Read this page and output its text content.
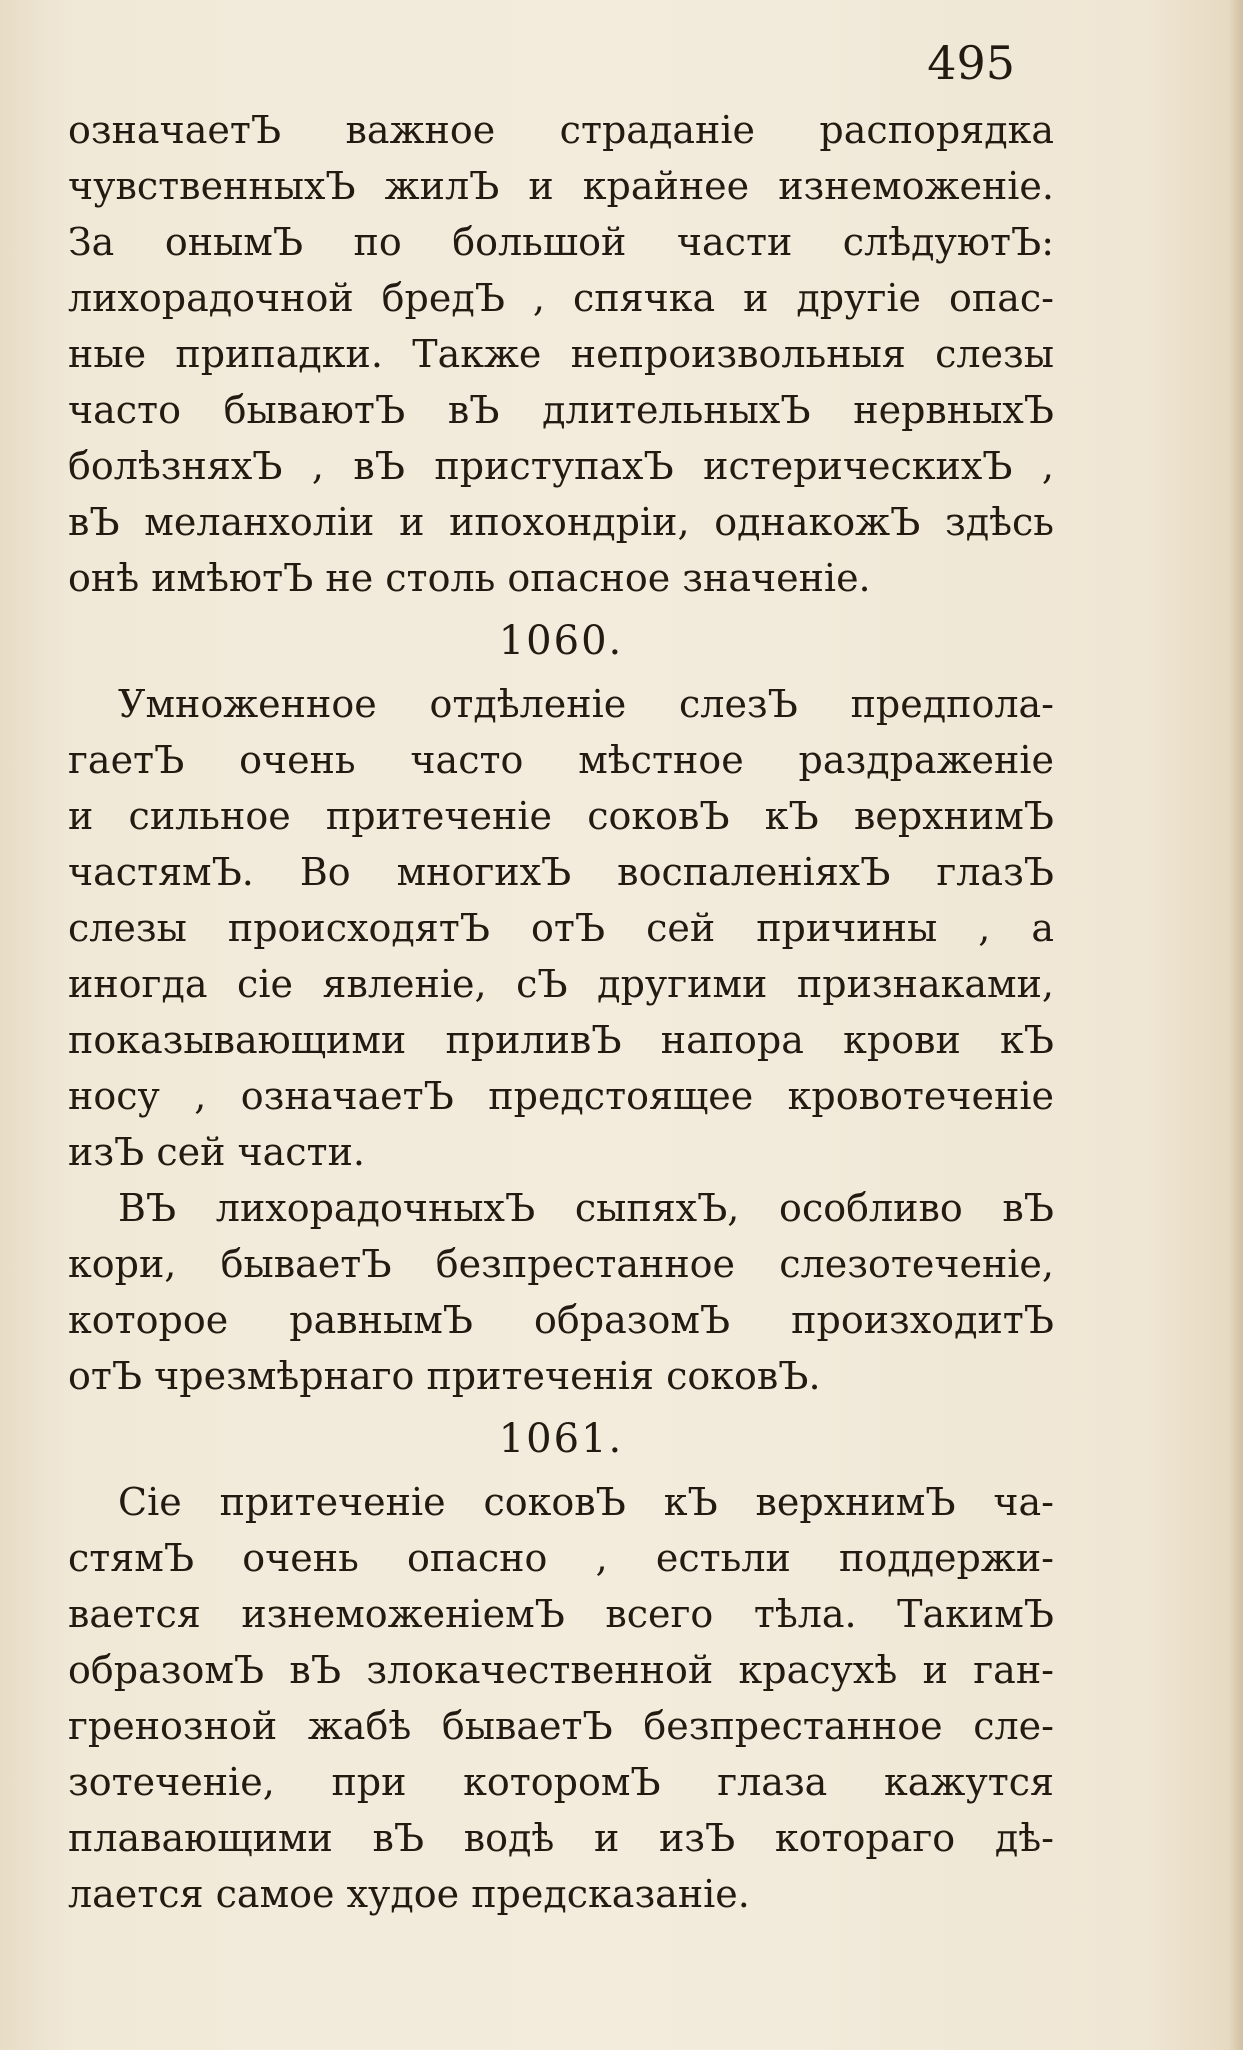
495
означаетЪ важное страданіе распорядка
чувственныхЪ жилЪ и крайнее изнеможеніе.
За онымЪ по большой части слѣдуютЪ:
лихорадочной бредЪ , спячка и другіе опас-
ные припадки. Также непроизвольныя слезы
часто бываютЪ вЪ длительныхЪ нервныхЪ
болѣзняхЪ , вЪ приступахЪ истерическихЪ ,
вЪ меланхоліи и ипохондріи, однакожЪ здѣсь
онѣ имѣютЪ не столь опасное значеніе.
1060.
Умноженное отдѣленіе слезЪ предпола-
гаетЪ очень часто мѣстное раздраженіе
и сильное притеченіе соковЪ кЪ верхнимЪ
частямЪ. Во многихЪ воспаленіяхЪ глазЪ
слезы происходятЪ отЪ сей причины , а
иногда сіе явленіе, сЪ другими признаками,
показывающими приливЪ напора крови кЪ
носу , означаетЪ предстоящее кровотеченіе
изЪ сей части.
ВЪ лихорадочныхЪ сыпяхЪ, особливо вЪ
кори, бываетЪ безпрестанное слезотеченіе,
которое равнымЪ образомЪ произходитЪ
отЪ чрезмѣрнаго притеченія соковЪ.
1061.
Сіе притеченіе соковЪ кЪ верхнимЪ ча-
стямЪ очень опасно , естьли поддержи-
вается изнеможеніемЪ всего тѣла. ТакимЪ
образомЪ вЪ злокачественной красухѣ и ган-
гренозной жабѣ бываетЪ безпрестанное сле-
зотеченіе, при которомЪ глаза кажутся
плавающими вЪ водѣ и изЪ котораго дѣ-
лается самое худое предсказаніе.
